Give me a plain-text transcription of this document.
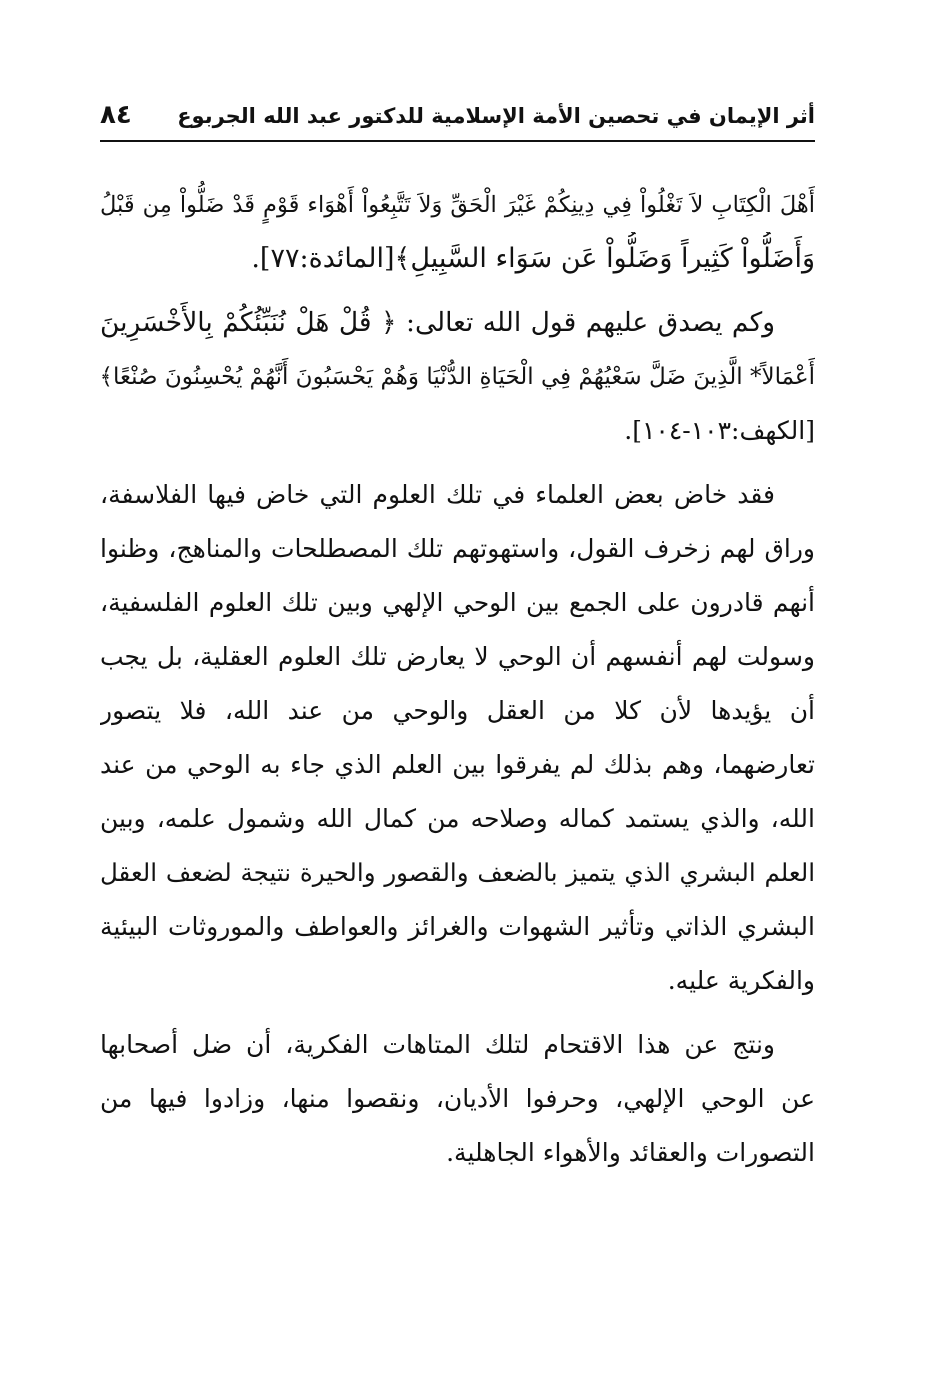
أثر الإيمان في تحصين الأمة الإسلامية للدكتور عبد الله الجربوع
٨٤
أَهْلَ الْكِتَابِ لاَ تَغْلُواْ فِي دِينِكُمْ غَيْرَ الْحَقِّ وَلاَ تَتَّبِعُواْ أَهْوَاء قَوْمٍ قَدْ ضَلُّواْ مِن قَبْلُ
وَأَضَلُّواْ كَثِيراً وَضَلُّواْ عَن سَوَاء السَّبِيلِ﴾[المائدة:٧٧].
وكم يصدق عليهم قول الله تعالى: ﴿ قُلْ هَلْ نُنَبِّئُكُمْ بِالأَخْسَرِينَ
أَعْمَالاً* الَّذِينَ ضَلَّ سَعْيُهُمْ فِي الْحَيَاةِ الدُّنْيَا وَهُمْ يَحْسَبُونَ أَنَّهُمْ يُحْسِنُونَ صُنْعًا﴾
[الكهف:١٠٣-١٠٤].
فقد خاض بعض العلماء في تلك العلوم التي خاض فيها الفلاسفة،
وراق لهم زخرف القول، واستهوتهم تلك المصطلحات والمناهج، وظنوا
أنهم قادرون على الجمع بين الوحي الإلهي وبين تلك العلوم الفلسفية،
وسولت لهم أنفسهم أن الوحي لا يعارض تلك العلوم العقلية، بل يجب
أن يؤيدها لأن كلا من العقل والوحي من عند الله، فلا يتصور
تعارضهما، وهم بذلك لم يفرقوا بين العلم الذي جاء به الوحي من عند
الله، والذي يستمد كماله وصلاحه من كمال الله وشمول علمه، وبين
العلم البشري الذي يتميز بالضعف والقصور والحيرة نتيجة لضعف العقل
البشري الذاتي وتأثير الشهوات والغرائز والعواطف والموروثات البيئية
والفكرية عليه.
ونتج عن هذا الاقتحام لتلك المتاهات الفكرية، أن ضل أصحابها
عن الوحي الإلهي، وحرفوا الأديان، ونقصوا منها، وزادوا فيها من
التصورات والعقائد والأهواء الجاهلية.
